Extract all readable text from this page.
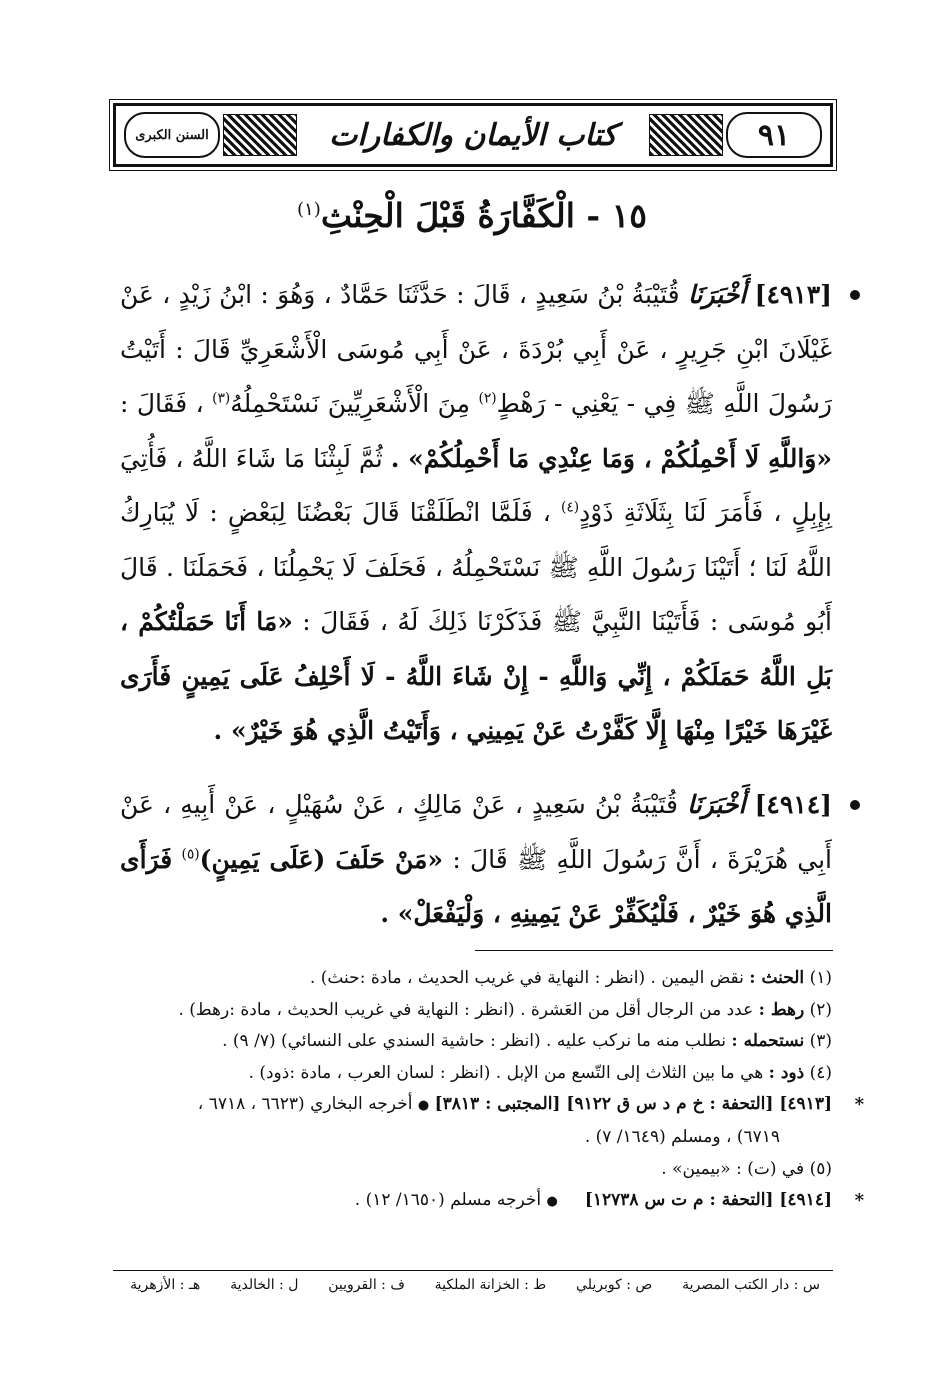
السنن الكبرى	كتاب الأيمان والكفارات	٩١
١٥ - الْكَفَّارَةُ قَبْلَ الْحِنْثِ$^{(١)}$
[٤٩١٣] أَخْبَرَنَا قُتَيْبَةُ بْنُ سَعِيدٍ ، قَالَ : حَدَّثَنَا حَمَّادٌ ، وَهُوَ : ابْنُ زَيْدٍ ، عَنْ غَيْلَانَ ابْنِ جَرِيرٍ ، عَنْ أَبِي بُرْدَةَ ، عَنْ أَبِي مُوسَى الْأَشْعَرِيِّ قَالَ : أَتَيْتُ رَسُولَ اللَّهِ ﷺ فِي - يَعْنِي - رَهْطٍ$^{(٢)}$ مِنَ الْأَشْعَرِيِّينَ نَسْتَحْمِلُهُ$^{(٣)}$ ، فَقَالَ : «وَاللَّهِ لَا أَحْمِلُكُمْ ، وَمَا عِنْدِي مَا أَحْمِلُكُمْ» . ثُمَّ لَبِثْنَا مَا شَاءَ اللَّهُ ، فَأُتِيَ بِإِبِلٍ ، فَأَمَرَ لَنَا بِثَلَاثَةِ ذَوْدٍ$^{(٤)}$ ، فَلَمَّا انْطَلَقْنَا قَالَ بَعْضُنَا لِبَعْضٍ : لَا يُبَارِكُ اللَّهُ لَنَا ؛ أَتَيْنَا رَسُولَ اللَّهِ ﷺ نَسْتَحْمِلُهُ ، فَحَلَفَ لَا يَحْمِلُنَا ، فَحَمَلَنَا . قَالَ أَبُو مُوسَى : فَأَتَيْنَا النَّبِيَّ ﷺ فَذَكَرْنَا ذَلِكَ لَهُ ، فَقَالَ : «مَا أَنَا حَمَلْتُكُمْ ، بَلِ اللَّهُ حَمَلَكُمْ ، إِنِّي وَاللَّهِ - إِنْ شَاءَ اللَّهُ - لَا أَحْلِفُ عَلَى يَمِينٍ فَأَرَى غَيْرَهَا خَيْرًا مِنْهَا إِلَّا كَفَّرْتُ عَنْ يَمِينِي ، وَأَتَيْتُ الَّذِي هُوَ خَيْرٌ» .
[٤٩١٤] أَخْبَرَنَا قُتَيْبَةُ بْنُ سَعِيدٍ ، عَنْ مَالِكٍ ، عَنْ سُهَيْلٍ ، عَنْ أَبِيهِ ، عَنْ أَبِي هُرَيْرَةَ ، أَنَّ رَسُولَ اللَّهِ ﷺ قَالَ : «مَنْ حَلَفَ (عَلَى يَمِينٍ)$^{(٥)}$ فَرَأَى الَّذِي هُوَ خَيْرٌ ، فَلْيُكَفِّرْ عَنْ يَمِينِهِ ، وَلْيَفْعَلْ» .
(١) الحنث : نقض اليمين . (انظر : النهاية في غريب الحديث ، مادة :حنث) .
(٢) رهط : عدد من الرجال أقل من العَشرة . (انظر : النهاية في غريب الحديث ، مادة :رهط) .
(٣) نستحمله : نطلب منه ما نركب عليه . (انظر : حاشية السندي على النسائي) (٧/ ٩) .
(٤) ذود : هي ما بين الثلاث إلى التّسع من الإبل . (انظر : لسان العرب ، مادة :ذود) .
*
[٤٩١٣] [التحفة : خ م د س ق ٩١٢٢] [المجتبى : ٣٨١٣] ● أخرجه البخاري (٦٦٢٣ ، ٦٧١٨ ،
٦٧١٩) ، ومسلم (١٦٤٩/ ٧) .
(٥) في (ت) : «بيمين» .
*
[٤٩١٤] [التحفة : م ت س ١٢٧٣٨]     ● أخرجه مسلم (١٦٥٠/ ١٢) .
س : دار الكتب المصرية
ص : كوبريلي
ط : الخزانة الملكية
ف : القرويين
ل : الخالدية
هـ : الأزهرية
